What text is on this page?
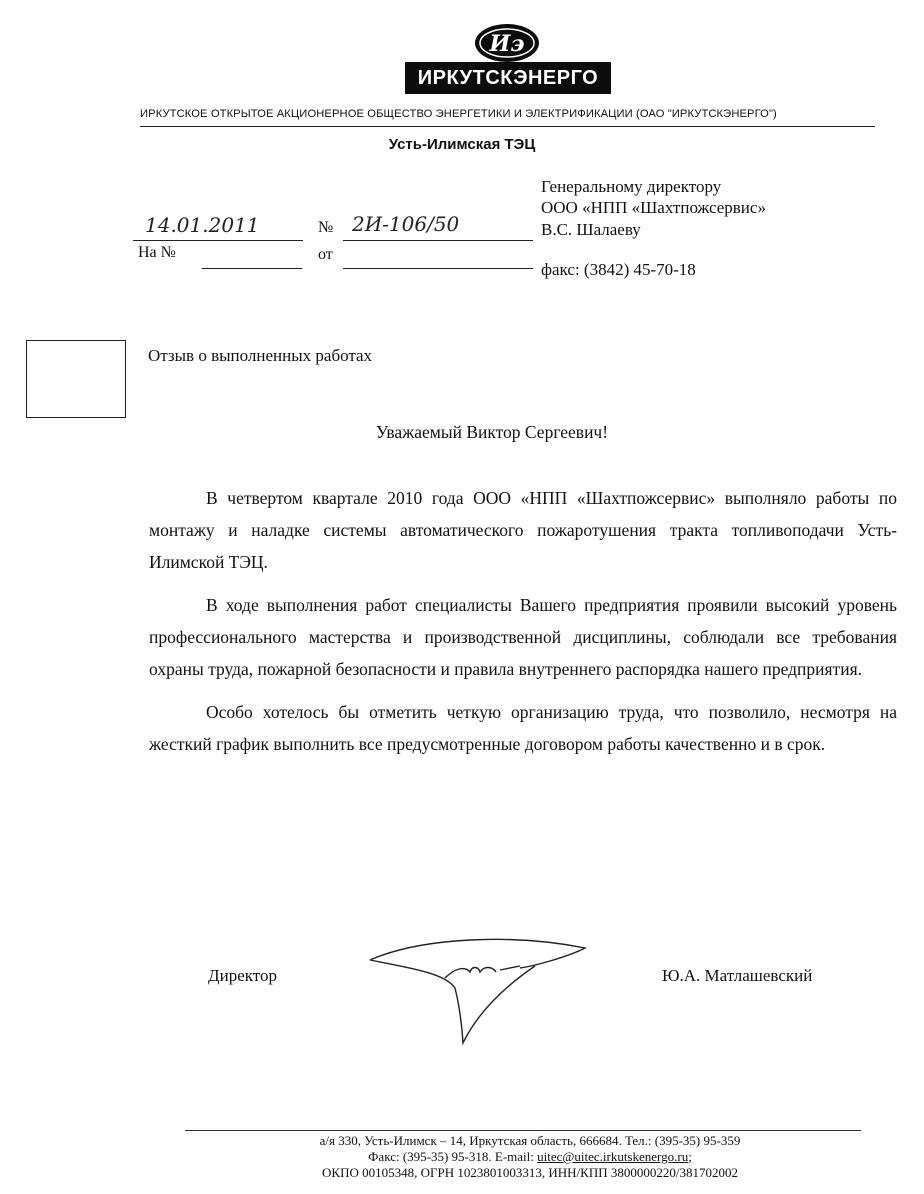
Иэ
ИРКУТСКЭНЕРГО
ИРКУТСКОЕ ОТКРЫТОЕ АКЦИОНЕРНОЕ ОБЩЕСТВО ЭНЕРГЕТИКИ И ЭЛЕКТРИФИКАЦИИ (ОАО "ИРКУТСКЭНЕРГО")
Усть-Илимская ТЭЦ
Генеральному директору
ООО «НПП «Шахтпожсервис»
В.С. Шалаеву
факс: (3842) 45-70-18
14.01.2011	№ 2И-106/50
На №	от
Отзыв о выполненных работах
Уважаемый Виктор Сергеевич!

В четвертом квартале 2010 года ООО «НПП «Шахтпожсервис» выполняло работы по монтажу и наладке системы автоматического пожаротушения тракта топливоподачи Усть-Илимской ТЭЦ.

В ходе выполнения работ специалисты Вашего предприятия проявили высокий уровень профессионального мастерства и производственной дисциплины, соблюдали все требования охраны труда, пожарной безопасности и правила внутреннего распорядка нашего предприятия.

Особо хотелось бы отметить четкую организацию труда, что позволило, несмотря на жесткий график выполнить все предусмотренные договором работы качественно и в срок.

Директор	Ю.А. Матлашевский
а/я 330, Усть-Илимск – 14, Иркутская область, 666684. Тел.: (395-35) 95-359
Факс: (395-35) 95-318. E-mail: uitec@uitec.irkutskenergo.ru;
ОКПО 00105348, ОГРН 1023801003313, ИНН/КПП 3800000220/381702002
